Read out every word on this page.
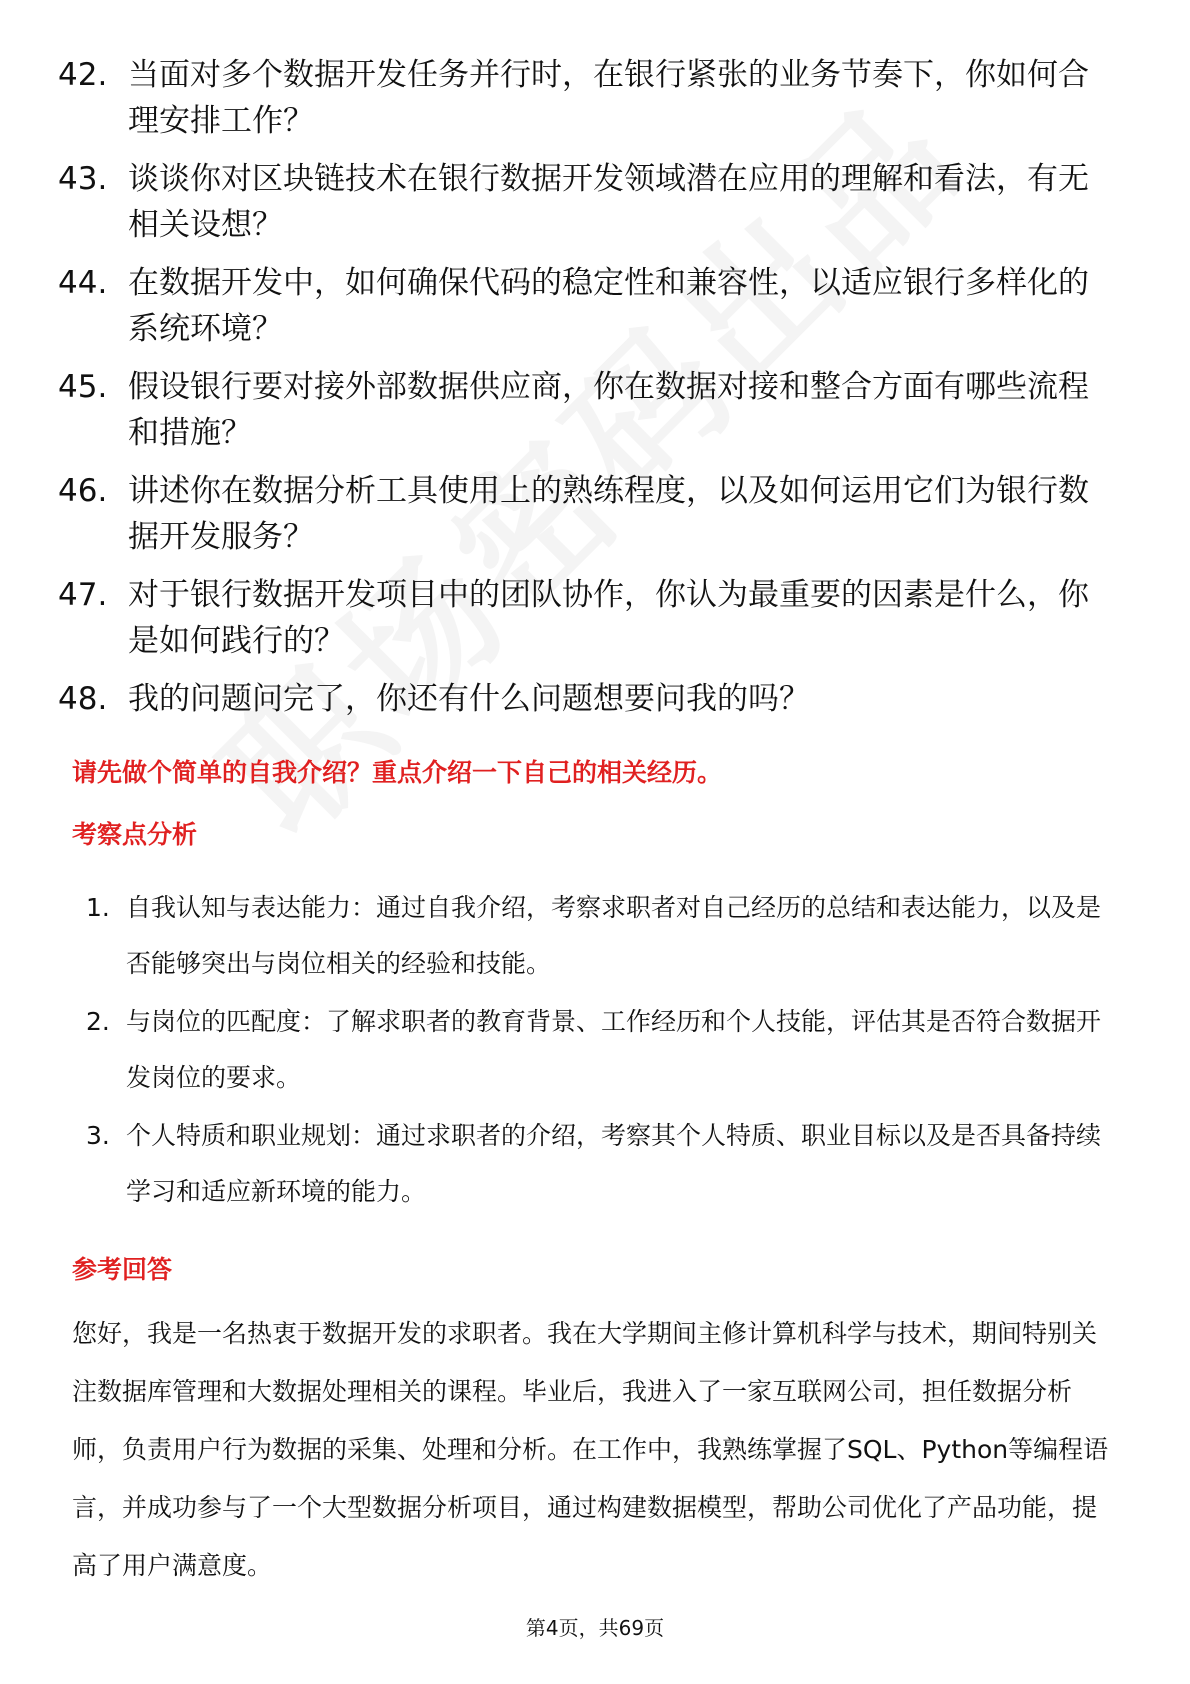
42. 当面对多个数据开发任务并行时，在银行紧张的业务节奏下，你如何合理安排工作？
43. 谈谈你对区块链技术在银行数据开发领域潜在应用的理解和看法，有无相关设想？
44. 在数据开发中，如何确保代码的稳定性和兼容性，以适应银行多样化的系统环境？
45. 假设银行要对接外部数据供应商，你在数据对接和整合方面有哪些流程和措施？
46. 讲述你在数据分析工具使用上的熟练程度，以及如何运用它们为银行数据开发服务？
47. 对于银行数据开发项目中的团队协作，你认为最重要的因素是什么，你是如何践行的？
48. 我的问题问完了，你还有什么问题想要问我的吗？
请先做个简单的自我介绍？重点介绍一下自己的相关经历。
考察点分析
1. 自我认知与表达能力：通过自我介绍，考察求职者对自己经历的总结和表达能力，以及是否能够突出与岗位相关的经验和技能。
2. 与岗位的匹配度：了解求职者的教育背景、工作经历和个人技能，评估其是否符合数据开发岗位的要求。
3. 个人特质和职业规划：通过求职者的介绍，考察其个人特质、职业目标以及是否具备持续学习和适应新环境的能力。
参考回答

您好，我是一名热衷于数据开发的求职者。我在大学期间主修计算机科学与技术，期间特别关注数据库管理和大数据处理相关的课程。毕业后，我进入了一家互联网公司，担任数据分析师，负责用户行为数据的采集、处理和分析。在工作中，我熟练掌握了SQL、Python等编程语言，并成功参与了一个大型数据分析项目，通过构建数据模型，帮助公司优化了产品功能，提高了用户满意度。

第4页，共69页
